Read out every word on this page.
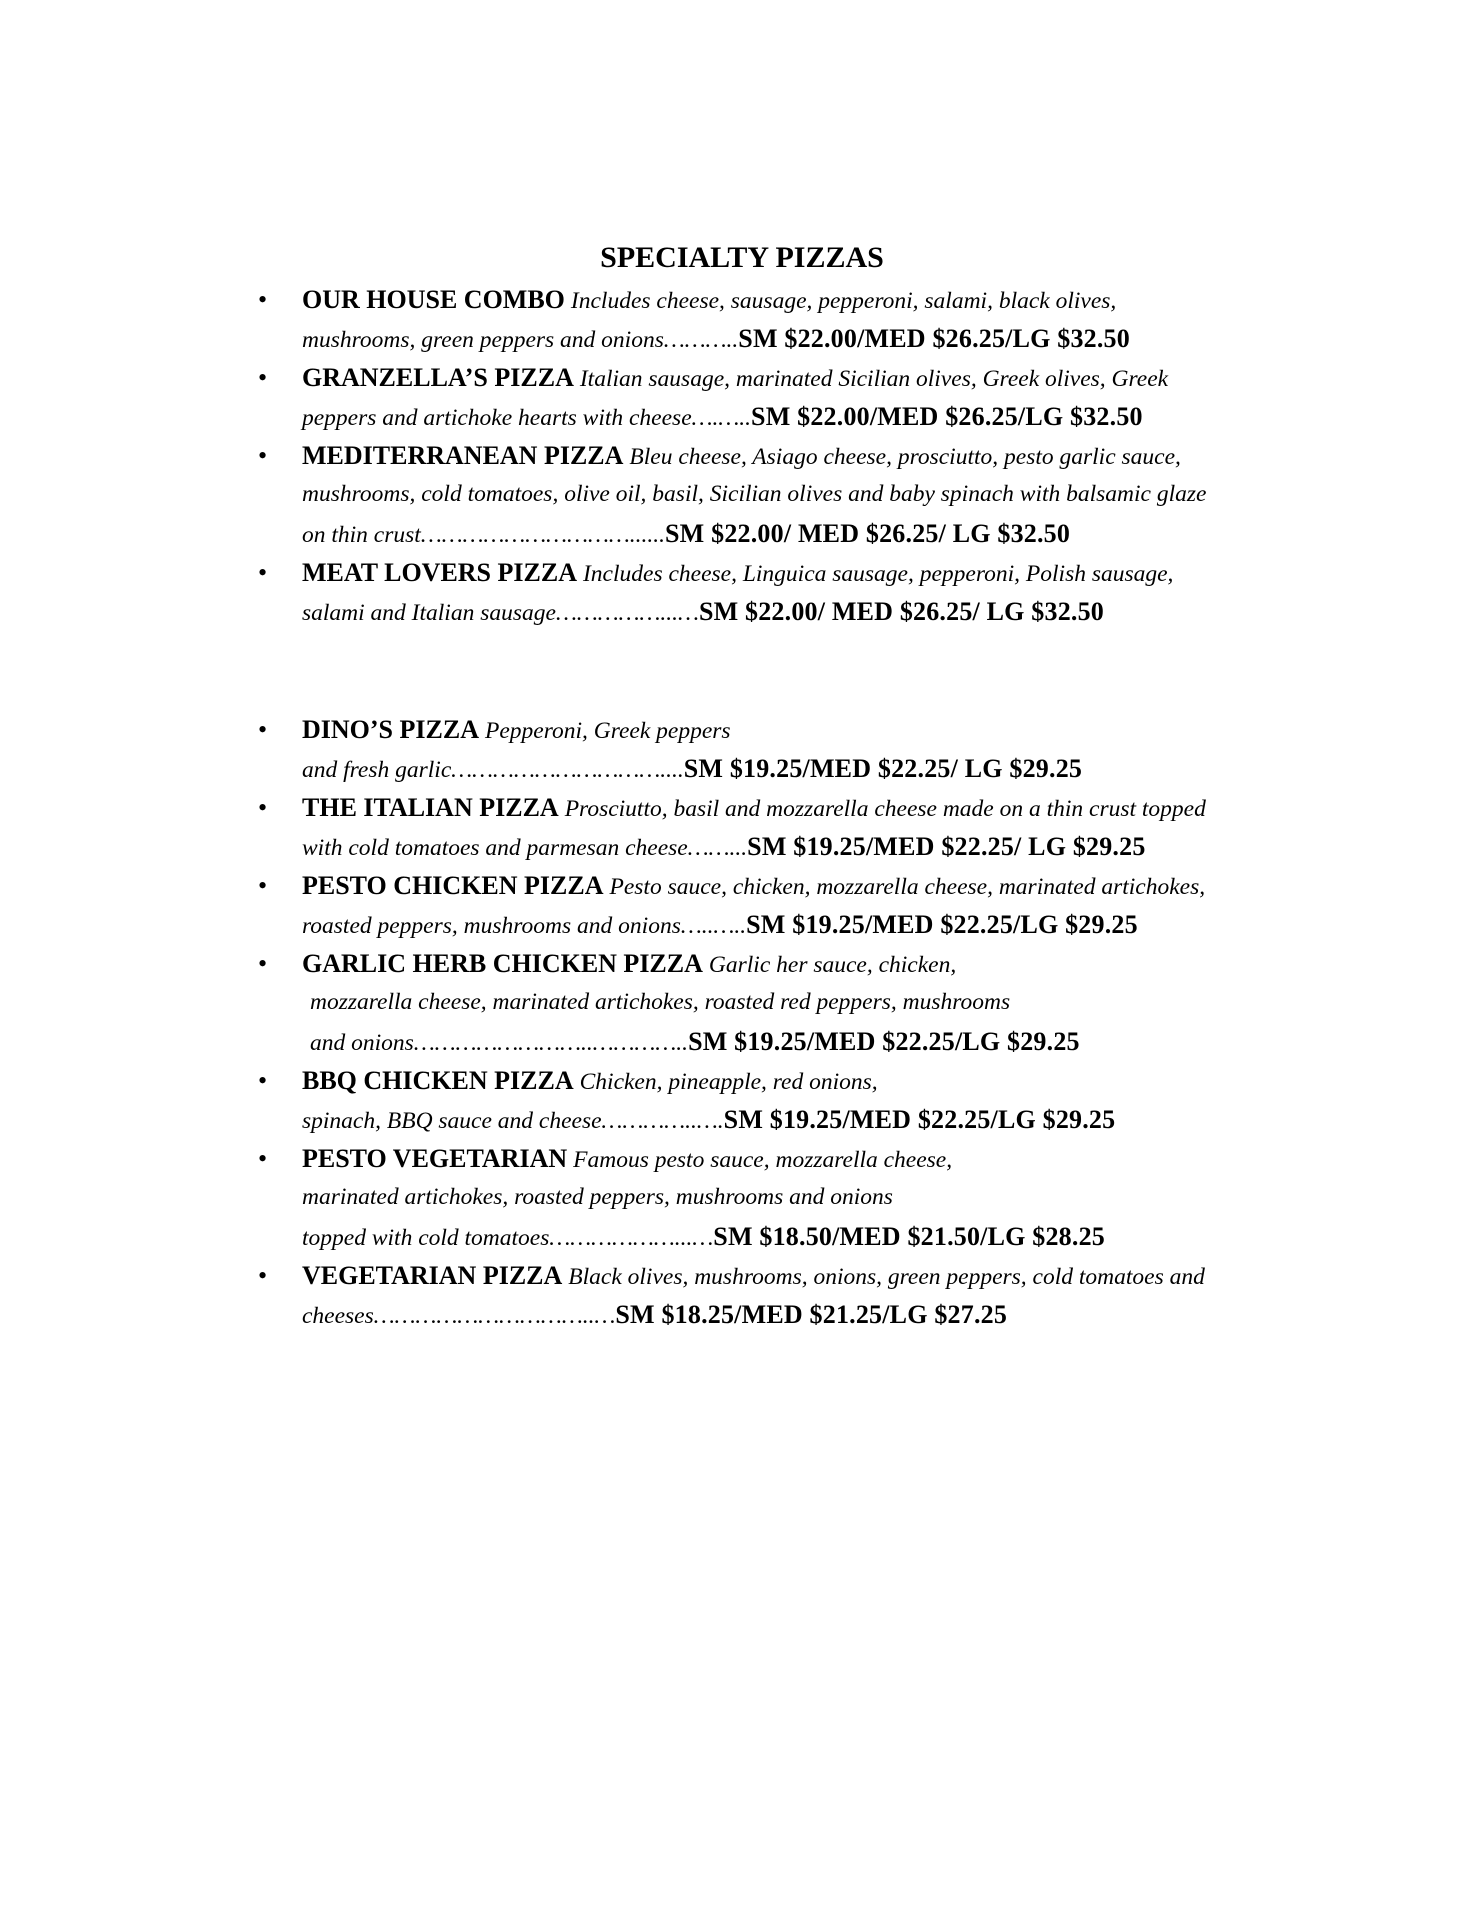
SPECIALTY PIZZAS
• OUR HOUSE COMBO Includes cheese, sausage, pepperoni, salami, black olives,
mushrooms, green peppers and onions………..SM $22.00/MED $26.25/LG $32.50
• GRANZELLA’S PIZZA Italian sausage, marinated Sicilian olives, Greek olives, Greek
peppers and artichoke hearts with cheese….…..SM $22.00/MED $26.25/LG $32.50
• MEDITERRANEAN PIZZA Bleu cheese, Asiago cheese, prosciutto, pesto garlic sauce,
mushrooms, cold tomatoes, olive oil, basil, Sicilian olives and baby spinach with balsamic glaze
on thin crust…………………………......SM $22.00/ MED $26.25/ LG $32.50
• MEAT LOVERS PIZZA Includes cheese, Linguica sausage, pepperoni, Polish sausage,
salami and Italian sausage……………...…SM $22.00/ MED $26.25/ LG $32.50
• DINO’S PIZZA Pepperoni, Greek peppers
and fresh garlic…………………………....SM $19.25/MED $22.25/ LG $29.25
• THE ITALIAN PIZZA Prosciutto, basil and mozzarella cheese made on a thin crust topped
with cold tomatoes and parmesan cheese……...SM $19.25/MED $22.25/ LG $29.25
• PESTO CHICKEN PIZZA Pesto sauce, chicken, mozzarella cheese, marinated artichokes,
roasted peppers, mushrooms and onions…..…..SM $19.25/MED $22.25/LG $29.25
• GARLIC HERB CHICKEN PIZZA Garlic her sauce, chicken,
mozzarella cheese, marinated artichokes, roasted red peppers, mushrooms
and onions……………………..…………..SM $19.25/MED $22.25/LG $29.25
• BBQ CHICKEN PIZZA Chicken, pineapple, red onions,
spinach, BBQ sauce and cheese…………..….SM $19.25/MED $22.25/LG $29.25
• PESTO VEGETARIAN Famous pesto sauce, mozzarella cheese,
marinated artichokes, roasted peppers, mushrooms and onions
topped with cold tomatoes………………...…SM $18.50/MED $21.50/LG $28.25
• VEGETARIAN PIZZA Black olives, mushrooms, onions, green peppers, cold tomatoes and
cheeses…………………………..…SM $18.25/MED $21.25/LG $27.25
